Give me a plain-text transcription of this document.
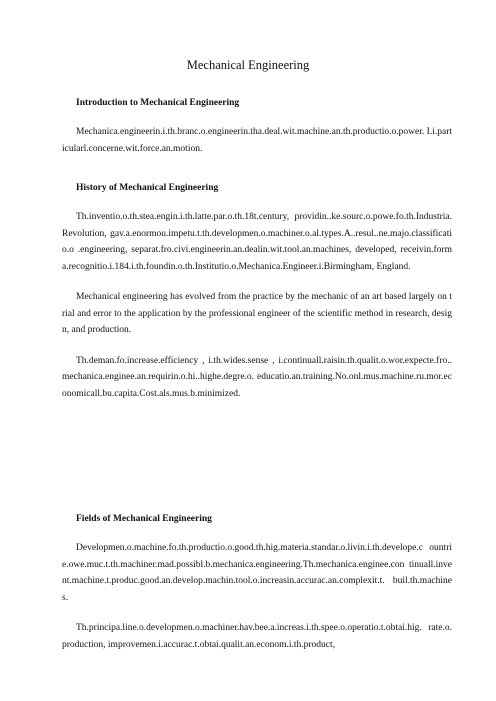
Mechanical Engineering
Introduction to Mechanical Engineering

Mechanica.engineerin.i.th.branc.o.engineerin.tha.deal.wit.machine.an.th.productio.o.power. I.i.particularl.concerne.wit.force.an.motion.

History of Mechanical Engineering

Th.inventio.o.th.stea.engin.i.th.latte.par.o.th.18t.century, providin..ke.sourc.o.powe.fo.th.Industria.Revolution, gav.a.enormou.impetu.t.th.developmen.o.machiner.o.al.types.A..resul..ne.majo.classificatio.o .engineering, separat.fro.civi.engineerin.an.dealin.wit.tool.an.machines, developed, receivin.forma.recognitio.i.184.i.th.foundin.o.th.Institutio.o.Mechanica.Engineer.i.Birmingham, England.

Mechanical engineering has evolved from the practice by the mechanic of an art based largely on trial and error to the application by the professional engineer of the scientific method in research, design, and production.

Th.deman.fo.increase.efficiency , i.th.wides.sense , i.continuall.raisin.th.qualit.o.wor.expecte.fro..mechanica.enginee.an.requirin.o.hi..highe.degre.o. educatio.an.training.No.onl.mus.machine.ru.mor.economicall.bu.capita.Cost.als.mus.b.minimized.

Fields of Mechanical Engineering

Developmen.o.machine.fo.th.productio.o.good.th.hig.materia.standar.o.livin.i.th.develope.c ountrie.owe.muc.t.th.machiner.mad.possibl.b.mechanica.engineering.Th.mechanica.enginee.con tinuall.invent.machine.t.produc.good.an.develop.machin.tool.o.increasin.accurac.an.complexit.t. buil.th.machines.

Th.principa.line.o.developmen.o.machiner.hav.bee.a.increas.i.th.spee.o.operatio.t.obtai.hig. rate.o.production, improvemen.i.accurac.t.obtai.qualit.an.econom.i.th.product,
